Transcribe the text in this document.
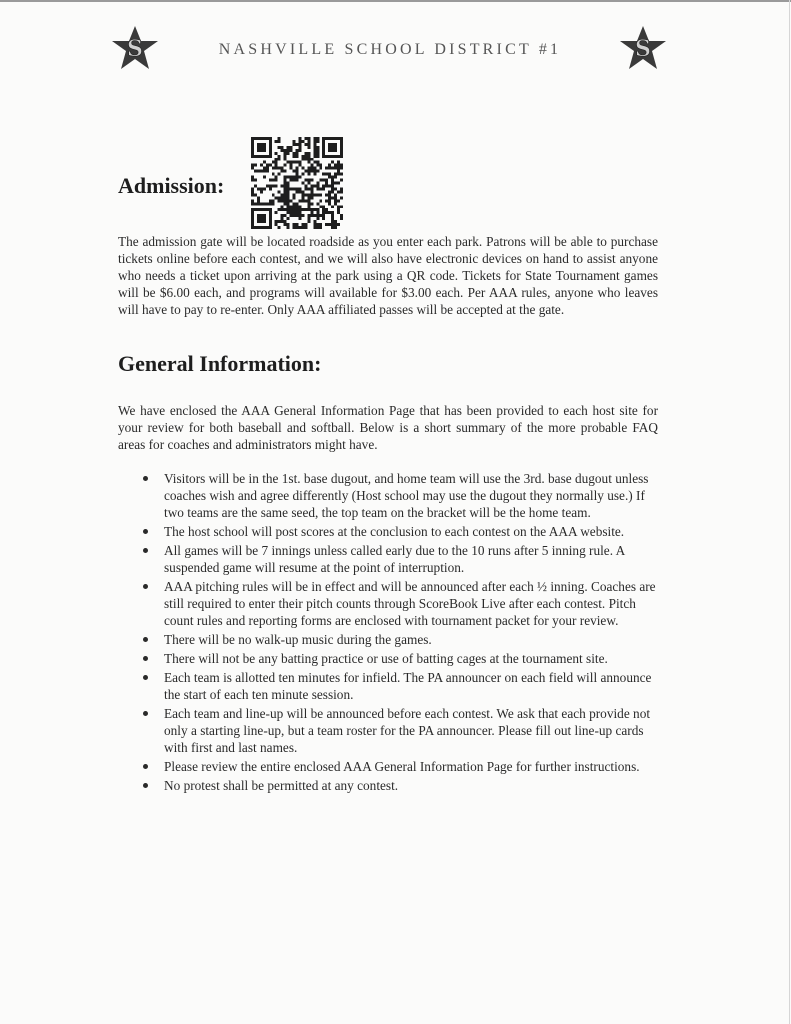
S	NASHVILLE SCHOOL DISTRICT #1	S
Admission:

The admission gate will be located roadside as you enter each park. Patrons will be able to purchase tickets online before each contest, and we will also have electronic devices on hand to assist anyone who needs a ticket upon arriving at the park using a QR code. Tickets for State Tournament games will be $6.00 each, and programs will available for $3.00 each. Per AAA rules, anyone who leaves will have to pay to re-enter. Only AAA affiliated passes will be accepted at the gate.

General Information:

We have enclosed the AAA General Information Page that has been provided to each host site for your review for both baseball and softball. Below is a short summary of the more probable FAQ areas for coaches and administrators might have.

Visitors will be in the 1st. base dugout, and home team will use the 3rd. base dugout unless coaches wish and agree differently (Host school may use the dugout they normally use.) If two teams are the same seed, the top team on the bracket will be the home team.
The host school will post scores at the conclusion to each contest on the AAA website.
All games will be 7 innings unless called early due to the 10 runs after 5 inning rule. A suspended game will resume at the point of interruption.
AAA pitching rules will be in effect and will be announced after each ½ inning. Coaches are still required to enter their pitch counts through ScoreBook Live after each contest. Pitch count rules and reporting forms are enclosed with tournament packet for your review.
There will be no walk-up music during the games.
There will not be any batting practice or use of batting cages at the tournament site.
Each team is allotted ten minutes for infield. The PA announcer on each field will announce the start of each ten minute session.
Each team and line-up will be announced before each contest. We ask that each provide not only a starting line-up, but a team roster for the PA announcer. Please fill out line-up cards with first and last names.
Please review the entire enclosed AAA General Information Page for further instructions.
No protest shall be permitted at any contest.
